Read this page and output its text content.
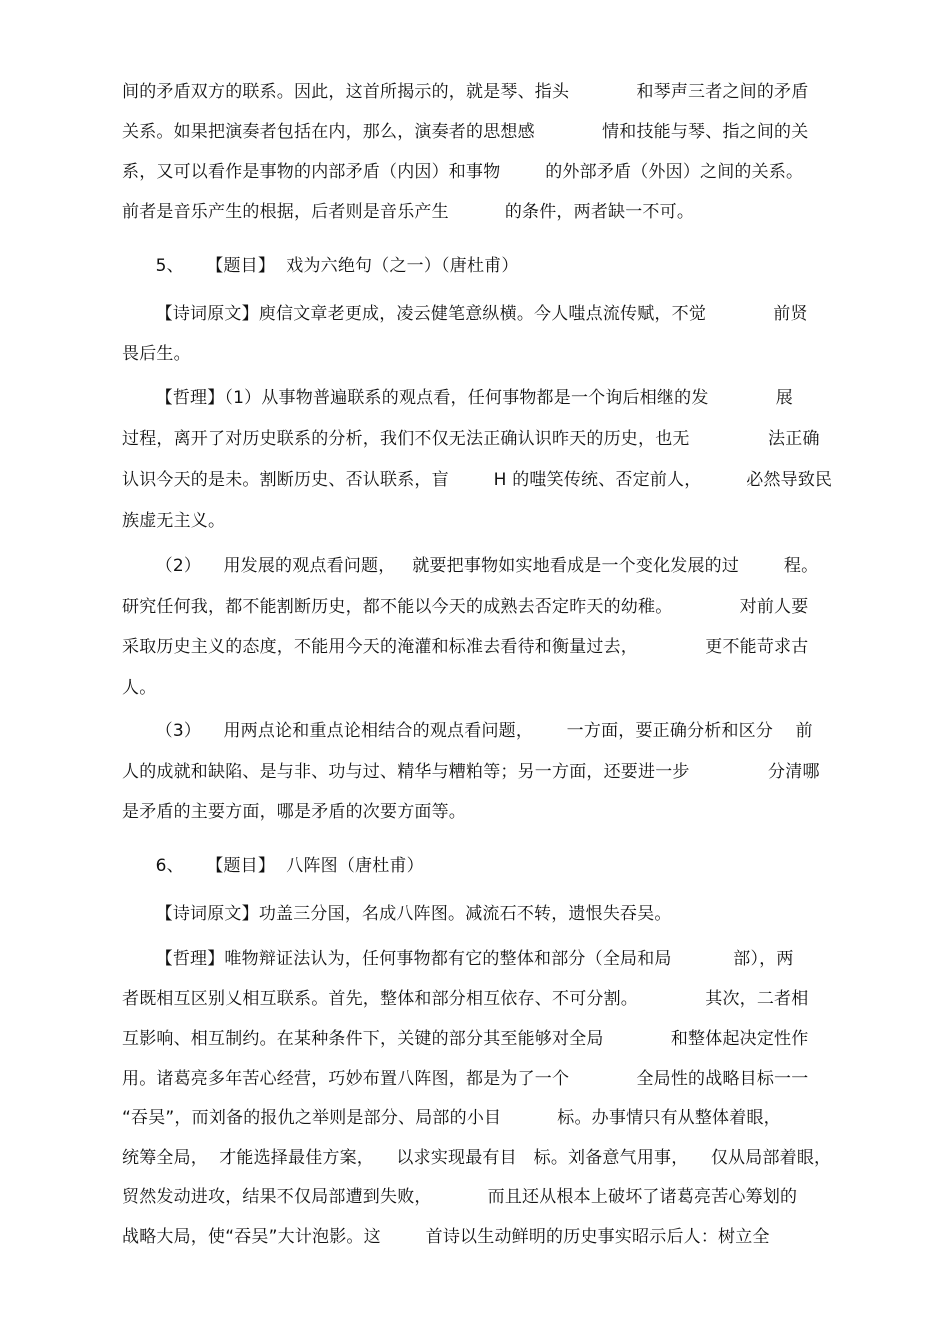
间的矛盾双方的联系。因此，这首所揭示的，就是琴、指头            和琴声三者之间的矛盾
关系。如果把演奏者包括在内，那么，演奏者的思想感            情和技能与琴、指之间的关
系，又可以看作是事物的内部矛盾（内因）和事物        的外部矛盾（外因）之间的关系。
前者是音乐产生的根据，后者则是音乐产生          的条件，两者缺一不可。
5、    【题目】  戏为六绝句（之一）（唐杜甫）
【诗词原文】庾信文章老更成，凌云健笔意纵横。今人嗤点流传赋，不觉            前贤
畏后生。
【哲理】（1）从事物普遍联系的观点看，任何事物都是一个询后相继的发            展
过程，离开了对历史联系的分析，我们不仅无法正确认识昨天的历史，也无              法正确
认识今天的是未。割断历史、否认联系，盲        H 的嗤笑传统、否定前人，        必然导致民
族虚无主义。
（2）    用发展的观点看问题，   就要把事物如实地看成是一个变化发展的过        程。
研究任何我，都不能割断历史，都不能以今天的成熟去否定昨天的幼稚。            对前人要
采取历史主义的态度，不能用今天的淹灌和标准去看待和衡量过去，            更不能苛求古
人。
（3）    用两点论和重点论相结合的观点看问题，      一方面，要正确分析和区分    前
人的成就和缺陷、是与非、功与过、精华与糟粕等；另一方面，还要进一步              分清哪
是矛盾的主要方面，哪是矛盾的次要方面等。
6、    【题目】  八阵图（唐杜甫）
【诗词原文】功盖三分国，名成八阵图。减流石不转，遗恨失吞吴。
【哲理】唯物辩证法认为，任何事物都有它的整体和部分（全局和局           部），两
者既相互区别乂相互联系。首先，整体和部分相互依存、不可分割。            其次，二者相
互影响、相互制约。在某种条件下，关键的部分其至能够对全局            和整体起决定性作
用。诸葛亮多年苦心经营，巧妙布置八阵图，都是为了一个            全局性的战略目标一一
“吞吴”，而刘备的报仇之举则是部分、局部的小目          标。办事情只有从整体着眼，
统筹全局，  才能选择最佳方案，    以求实现最有目   标。刘备意气用事，    仅从局部着眼，
贸然发动进攻，结果不仅局部遭到失败，          而且还从根本上破坏了诸葛亮苦心筹划的
战略大局，使“吞吴”大计泡影。这        首诗以生动鲜明的历史事实昭示后人：树立全
